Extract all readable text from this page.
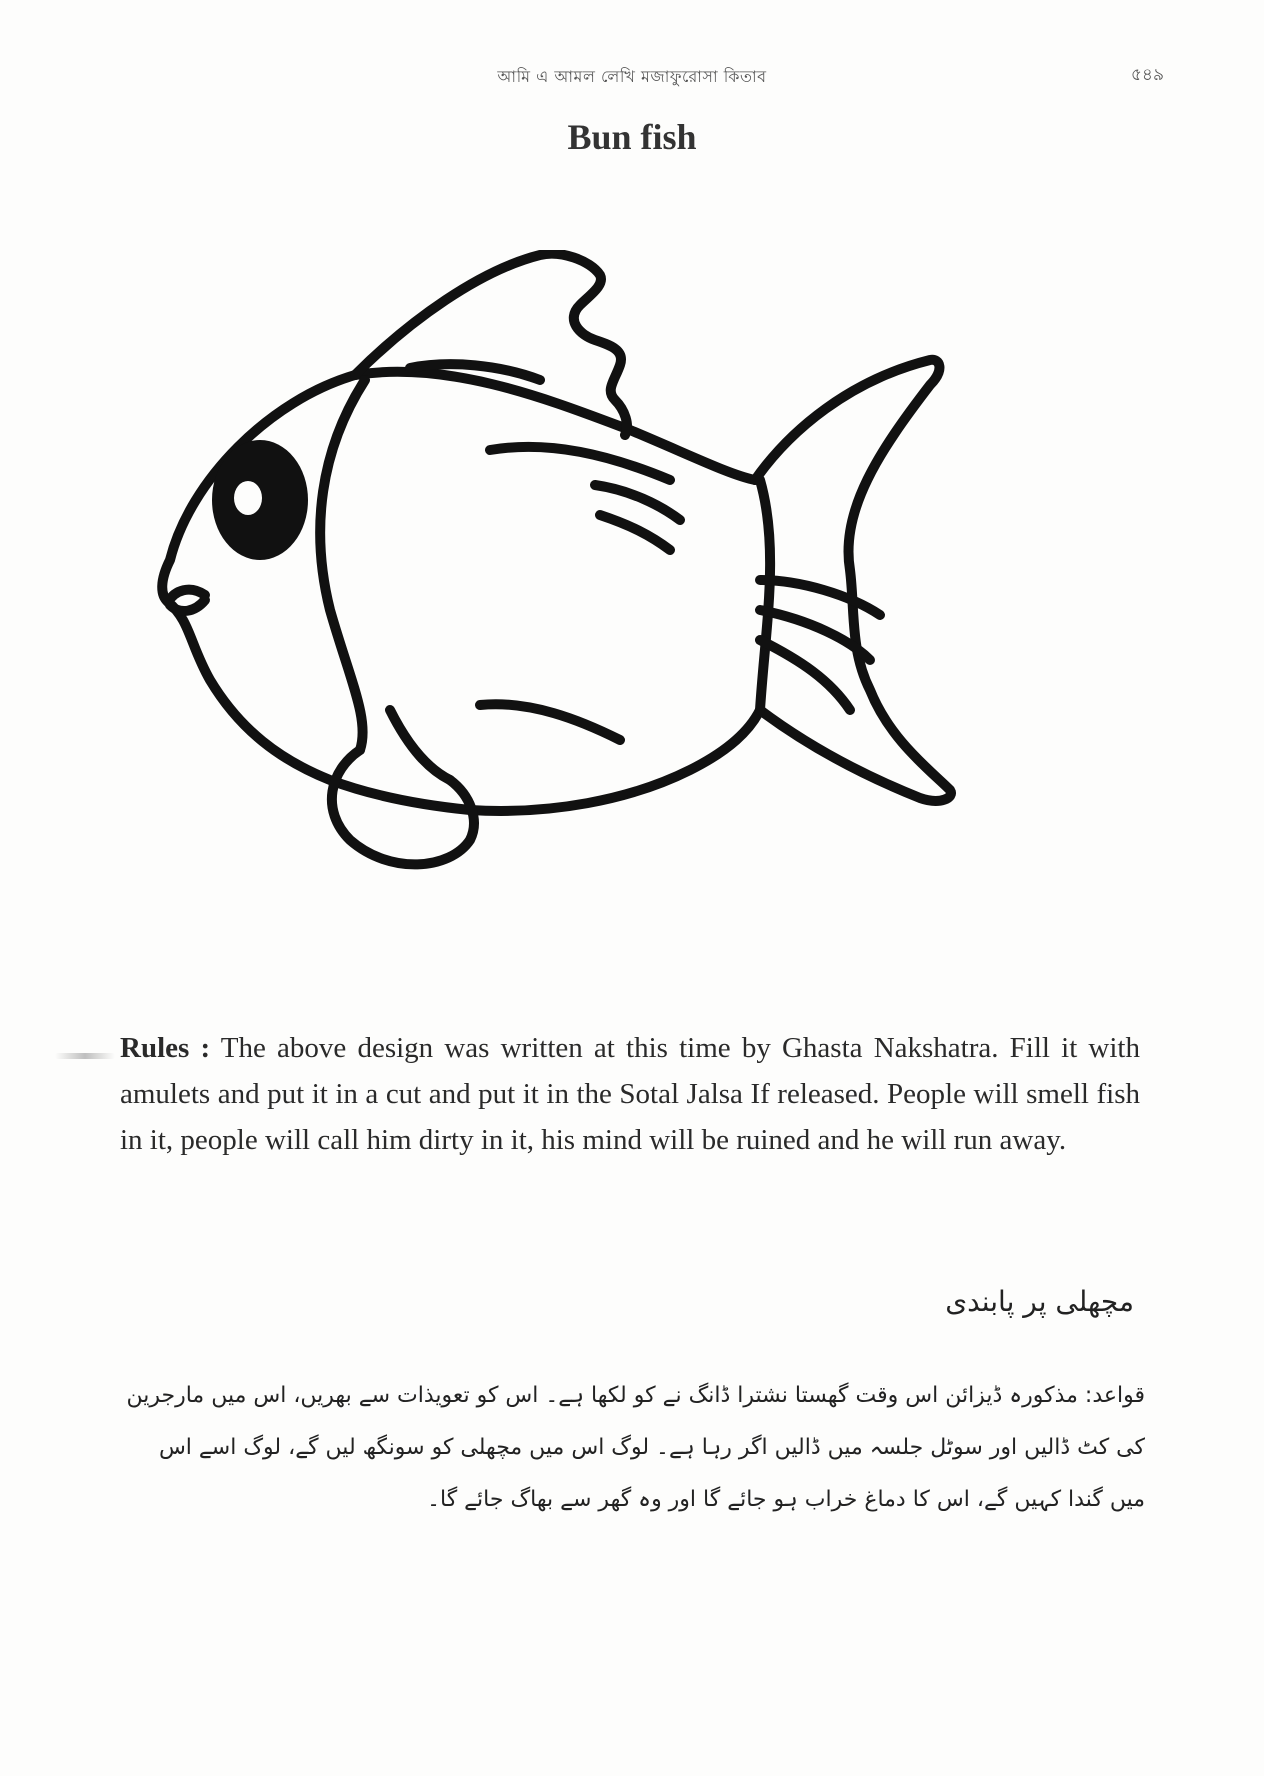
আমি এ আমল লেখি মজাফুরোসা কিতাব	৫৪৯
Bun fish
Rules : The above design was written at this time by Ghasta Nakshatra. Fill it with amulets and put it in a cut and put it in the Sotal Jalsa If released. People will smell fish in it, people will call him dirty in it, his mind will be ruined and he will run away.
مچھلی پر پابندی
قواعد: مذکورہ ڈیزائن اس وقت گھستا نشترا ڈانگ نے کو لکھا ہے۔ اس کو تعویذات سے بھریں، اس میں مارجرین کی کٹ ڈالیں اور سوٹل جلسہ میں ڈالیں اگر رہا ہے۔ لوگ اس میں مچھلی کو سونگھ لیں گے، لوگ اسے اس میں گندا کہیں گے، اس کا دماغ خراب ہو جائے گا اور وہ گھر سے بھاگ جائے گا۔
